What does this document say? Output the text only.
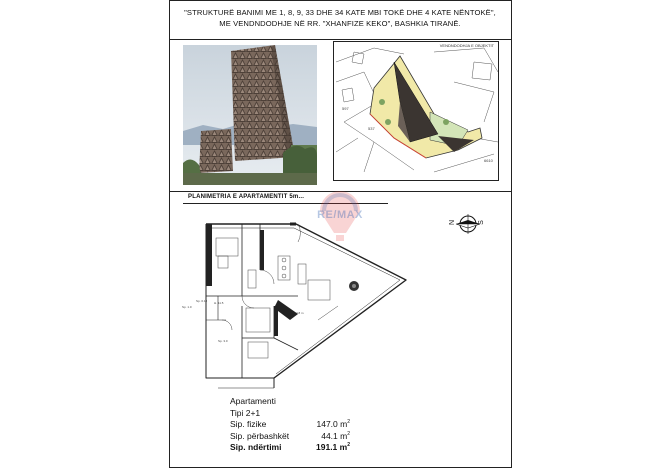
"STRUKTURË BANIMI ME 1, 8, 9, 33 DHE 34 KATE MBI TOKË DHE 4 KATE NËNTOKË",
ME VENDNDODHJE NË RR. "XHANFIZE KEKO", BASHKIA TIRANË.
VENDNDODHJA E OBJEKTIT
597
537
6610
PLANIMETRIA E APARTAMENTIT 5m...
RE/MAX
N	S
Sp. 0.13 H. 11.5
Sp. 1.0
Sp. 3.0
4.8 m
Apartamenti
Tipi 2+1
Sip. fizike	147.0 $m^2$
Sip. përbashkët	44.1 $m^2$
Sip. ndërtimi	191.1 $m^2$
